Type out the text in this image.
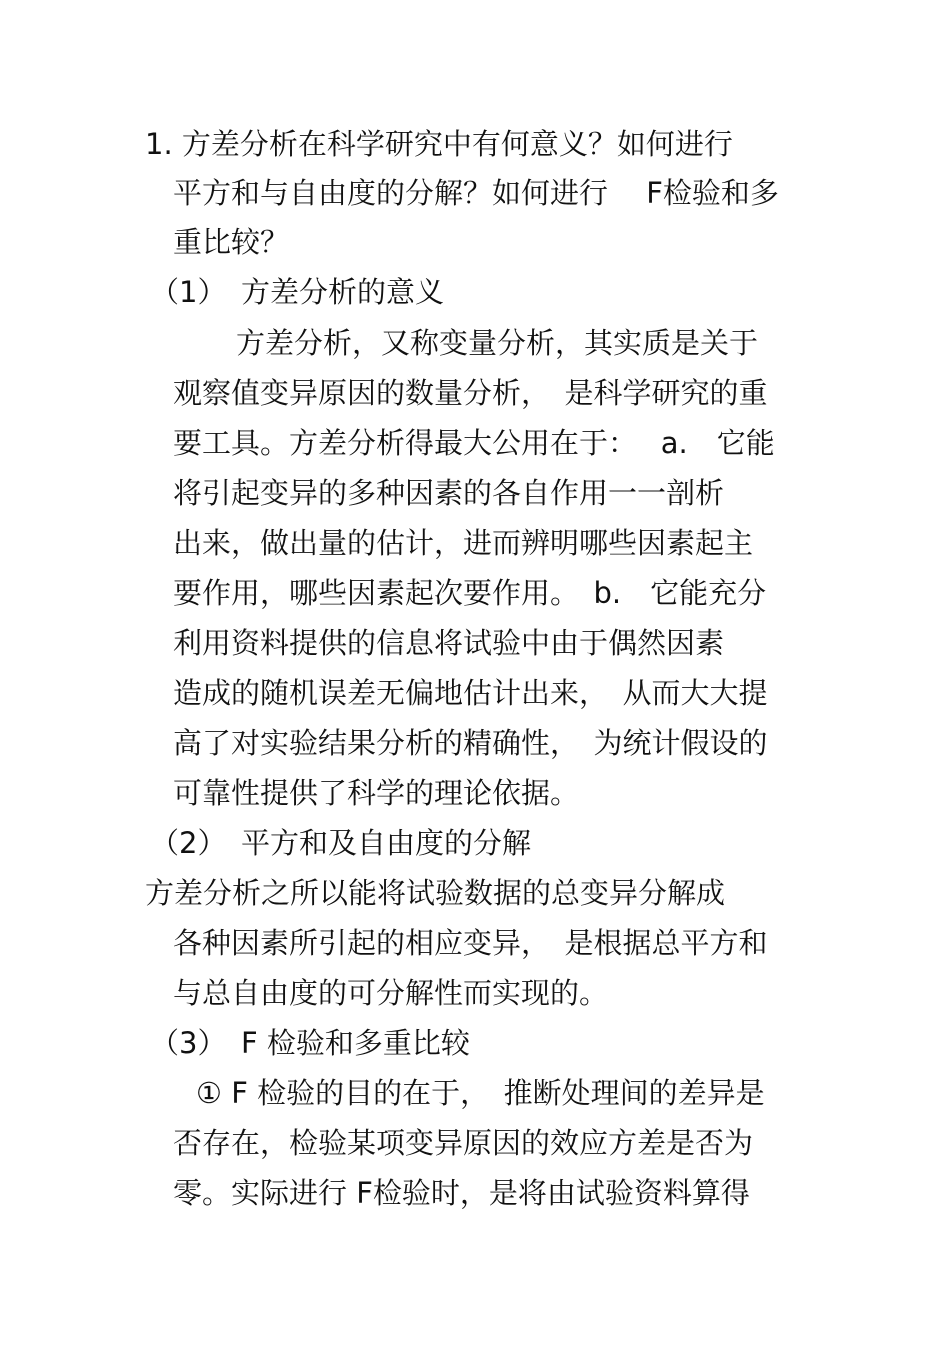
1. 方差分析在科学研究中有何意义？如何进行
平方和与自由度的分解？如何进行　 F检验和多
重比较？
（1）　方差分析的意义
方差分析，又称变量分析，其实质是关于
观察值变异原因的数量分析，　是科学研究的重
要工具。方差分析得最大公用在于：　 a.　它能
将引起变异的多种因素的各自作用一一剖析
出来，做出量的估计，进而辨明哪些因素起主
要作用，哪些因素起次要作用。　b.　它能充分
利用资料提供的信息将试验中由于偶然因素
造成的随机误差无偏地估计出来，　从而大大提
高了对实验结果分析的精确性，　为统计假设的
可靠性提供了科学的理论依据。
（2）　平方和及自由度的分解
方差分析之所以能将试验数据的总变异分解成
各种因素所引起的相应变异，　是根据总平方和
与总自由度的可分解性而实现的。
（3）　F 检验和多重比较
① F 检验的目的在于，　推断处理间的差异是
否存在，检验某项变异原因的效应方差是否为
零。实际进行 F检验时，是将由试验资料算得
